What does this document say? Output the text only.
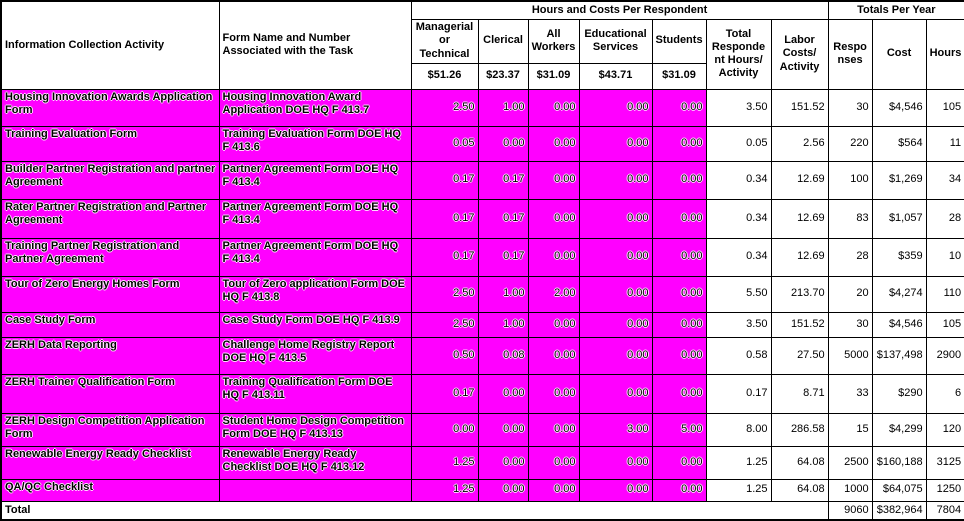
Information Collection Activity	Form Name and Number Associated with the Task	Hours and Costs Per Respondent							Totals Per Year		
		Managerial or Technical	Clerical	All Workers	Educational Services	Students	Total Respondent Hours/ Activity	Labor Costs/ Activity	Responses	Cost	Hours
		$51.26	$23.37	$31.09	$43.71	$31.09					
Housing Innovation Awards Application Form	Housing Innovation Award Application DOE HQ F 413.7	2.50	1.00	0.00	0.00	0.00	3.50	151.52	30	$4,546	105
Training Evaluation Form	Training Evaluation Form DOE HQ F 413.6	0.05	0.00	0.00	0.00	0.00	0.05	2.56	220	$564	11
Builder Partner Registration and partner Agreement	Partner Agreement Form DOE HQ F 413.4	0.17	0.17	0.00	0.00	0.00	0.34	12.69	100	$1,269	34
Rater Partner Registration and Partner Agreement	Partner Agreement Form DOE HQ F 413.4	0.17	0.17	0.00	0.00	0.00	0.34	12.69	83	$1,057	28
Training Partner Registration and Partner Agreement	Partner Agreement Form DOE HQ F 413.4	0.17	0.17	0.00	0.00	0.00	0.34	12.69	28	$359	10
Tour of Zero Energy Homes Form	Tour of Zero application Form DOE HQ F 413.8	2.50	1.00	2.00	0.00	0.00	5.50	213.70	20	$4,274	110
Case Study Form	Case Study Form DOE HQ F 413.9	2.50	1.00	0.00	0.00	0.00	3.50	151.52	30	$4,546	105
ZERH Data Reporting	Challenge Home Registry Report DOE HQ F 413.5	0.50	0.08	0.00	0.00	0.00	0.58	27.50	5000	$137,498	2900
ZERH Trainer Qualification Form	Training Qualification Form DOE HQ F 413.11	0.17	0.00	0.00	0.00	0.00	0.17	8.71	33	$290	6
ZERH Design Competition Application Form	Student Home Design Competition Form DOE HQ F 413.13	0.00	0.00	0.00	3.00	5.00	8.00	286.58	15	$4,299	120
Renewable Energy Ready Checklist	Renewable Energy Ready Checklist DOE HQ F 413.12	1.25	0.00	0.00	0.00	0.00	1.25	64.08	2500	$160,188	3125
QA/QC Checklist		1.25	0.00	0.00	0.00	0.00	1.25	64.08	1000	$64,075	1250
Total									9060	$382,964	7804
